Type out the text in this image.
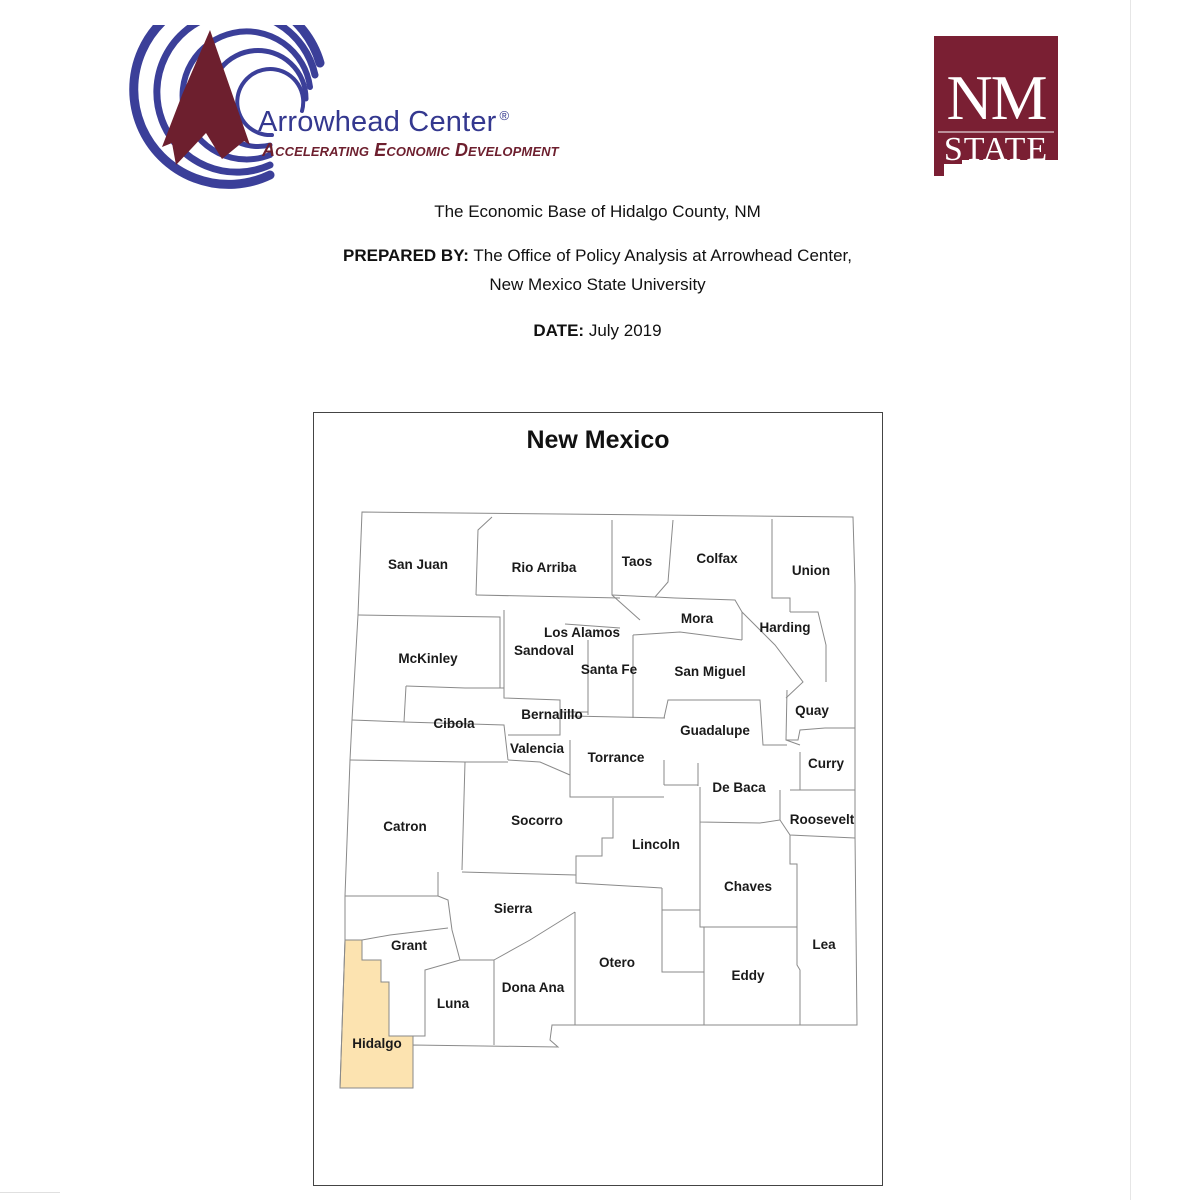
Arrowhead Center ®
Accelerating Economic Development
NM
STATE
UNIVERSITY
The Economic Base of Hidalgo County, NM
PREPARED BY: The Office of Policy Analysis at Arrowhead Center,
New Mexico State University
DATE: July 2019
New Mexico
San Juan	Rio Arriba	Taos	Colfax
Union
Mora
Harding
Los Alamos
Sandoval
McKinley
Santa Fe	San Miguel
Quay
Bernalillo
Cibola
Valencia
Torrance
Guadalupe
Curry
De Baca
Roosevelt
Catron	Socorro
Lincoln
Chaves
Sierra
Grant	Lea
Otero
Eddy
Dona Ana
Luna
Hidalgo
